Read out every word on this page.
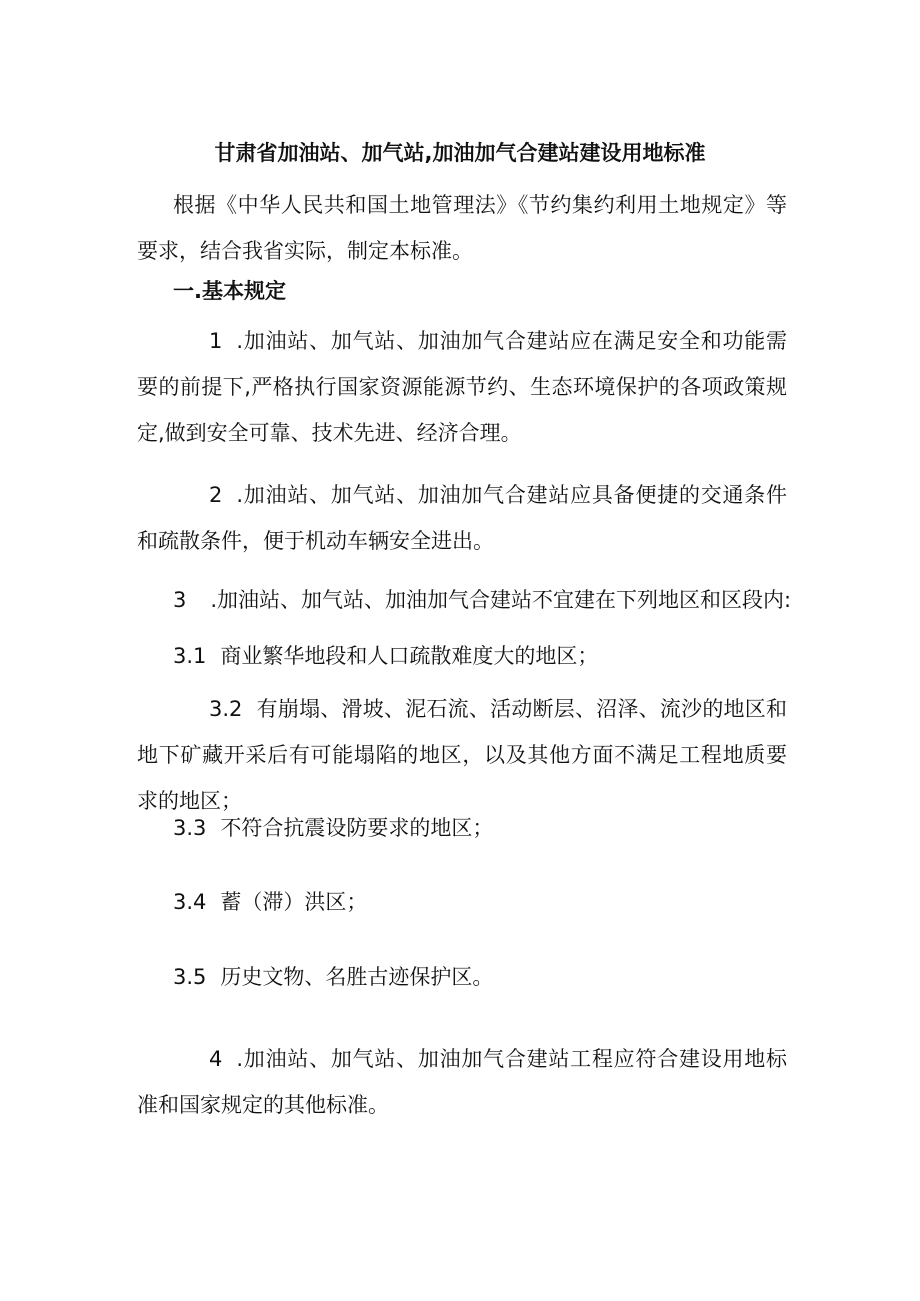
甘肃省加油站、加气站,加油加气合建站建设用地标准

根据《中华人民共和国土地管理法》《节约集约利用土地规定》等要求，结合我省实际，制定本标准。

一.基本规定

1 .加油站、加气站、加油加气合建站应在满足安全和功能需要的前提下,严格执行国家资源能源节约、生态环境保护的各项政策规定,做到安全可靠、技术先进、经济合理。

2 .加油站、加气站、加油加气合建站应具备便捷的交通条件和疏散条件，便于机动车辆安全进出。

3 .加油站、加气站、加油加气合建站不宜建在下列地区和区段内:
3.1 商业繁华地段和人口疏散难度大的地区；

3.2 有崩塌、滑坡、泥石流、活动断层、沼泽、流沙的地区和地下矿藏开采后有可能塌陷的地区，以及其他方面不满足工程地质要求的地区；

3.3 不符合抗震设防要求的地区；
3.4 蓄（滞）洪区；
3.5 历史文物、名胜古迹保护区。

4 .加油站、加气站、加油加气合建站工程应符合建设用地标准和国家规定的其他标准。
